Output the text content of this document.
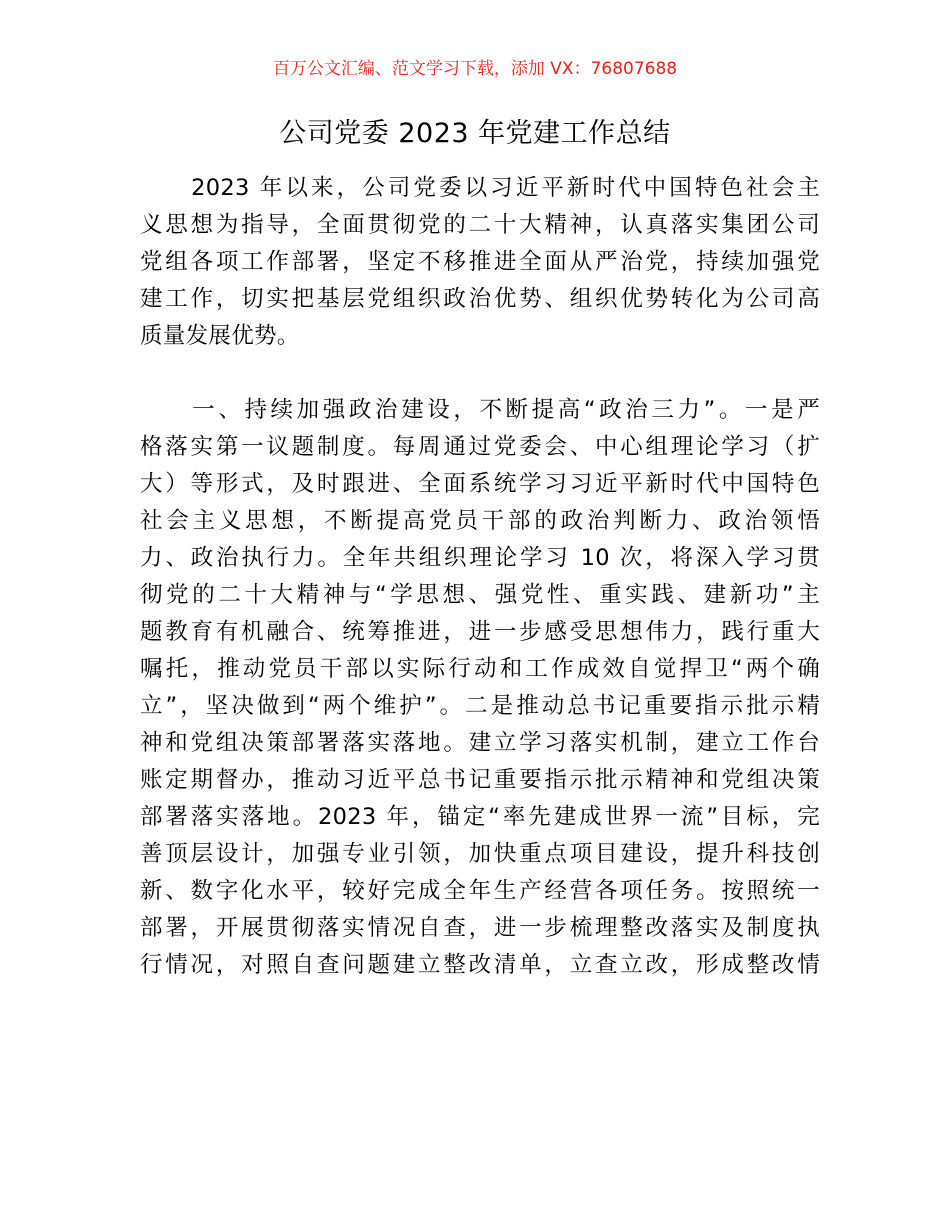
百万公文汇编、范文学习下载，添加 VX：76807688
公司党委 2023 年党建工作总结
　　2023 年以来，公司党委以习近平新时代中国特色社会主
义思想为指导，全面贯彻党的二十大精神，认真落实集团公司
党组各项工作部署，坚定不移推进全面从严治党，持续加强党
建工作，切实把基层党组织政治优势、组织优势转化为公司高
质量发展优势。
　　一、持续加强政治建设，不断提高“政治三力”。一是严
格落实第一议题制度。每周通过党委会、中心组理论学习（扩
大）等形式，及时跟进、全面系统学习习近平新时代中国特色
社会主义思想，不断提高党员干部的政治判断力、政治领悟
力、政治执行力。全年共组织理论学习 10 次，将深入学习贯
彻党的二十大精神与“学思想、强党性、重实践、建新功”主
题教育有机融合、统筹推进，进一步感受思想伟力，践行重大
嘱托，推动党员干部以实际行动和工作成效自觉捍卫“两个确
立”，坚决做到“两个维护”。二是推动总书记重要指示批示精
神和党组决策部署落实落地。建立学习落实机制，建立工作台
账定期督办，推动习近平总书记重要指示批示精神和党组决策
部署落实落地。2023 年，锚定“率先建成世界一流”目标，完
善顶层设计，加强专业引领，加快重点项目建设，提升科技创
新、数字化水平，较好完成全年生产经营各项任务。按照统一
部署，开展贯彻落实情况自查，进一步梳理整改落实及制度执
行情况，对照自查问题建立整改清单，立查立改，形成整改情
